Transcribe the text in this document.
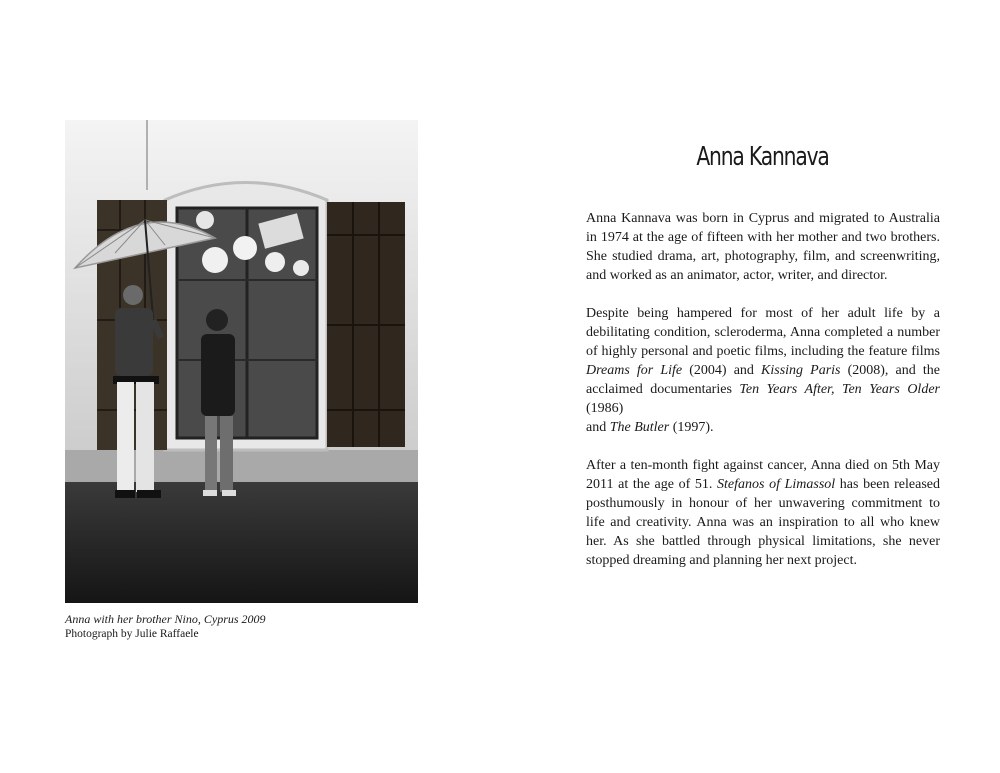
Anna with her brother Nino, Cyprus 2009
Photograph by Julie Raffaele
Anna Kannava

Anna Kannava was born in Cyprus and migrated to Australia
in 1974 at the age of fifteen with her mother and two brothers.
She studied drama, art, photography, film, and screenwriting,
and worked as an animator, actor, writer, and director.

Despite being hampered for most of her adult life by a
debilitating condition, scleroderma, Anna completed a number
of highly personal and poetic films, including the feature films
Dreams for Life (2004) and Kissing Paris (2008), and the
acclaimed documentaries Ten Years After, Ten Years Older (1986)
and The Butler (1997).

After a ten-month fight against cancer, Anna died on 5th May
2011 at the age of 51. Stefanos of Limassol has been released
posthumously in honour of her unwavering commitment to
life and creativity. Anna was an inspiration to all who knew
her. As she battled through physical limitations, she never
stopped dreaming and planning her next project.
